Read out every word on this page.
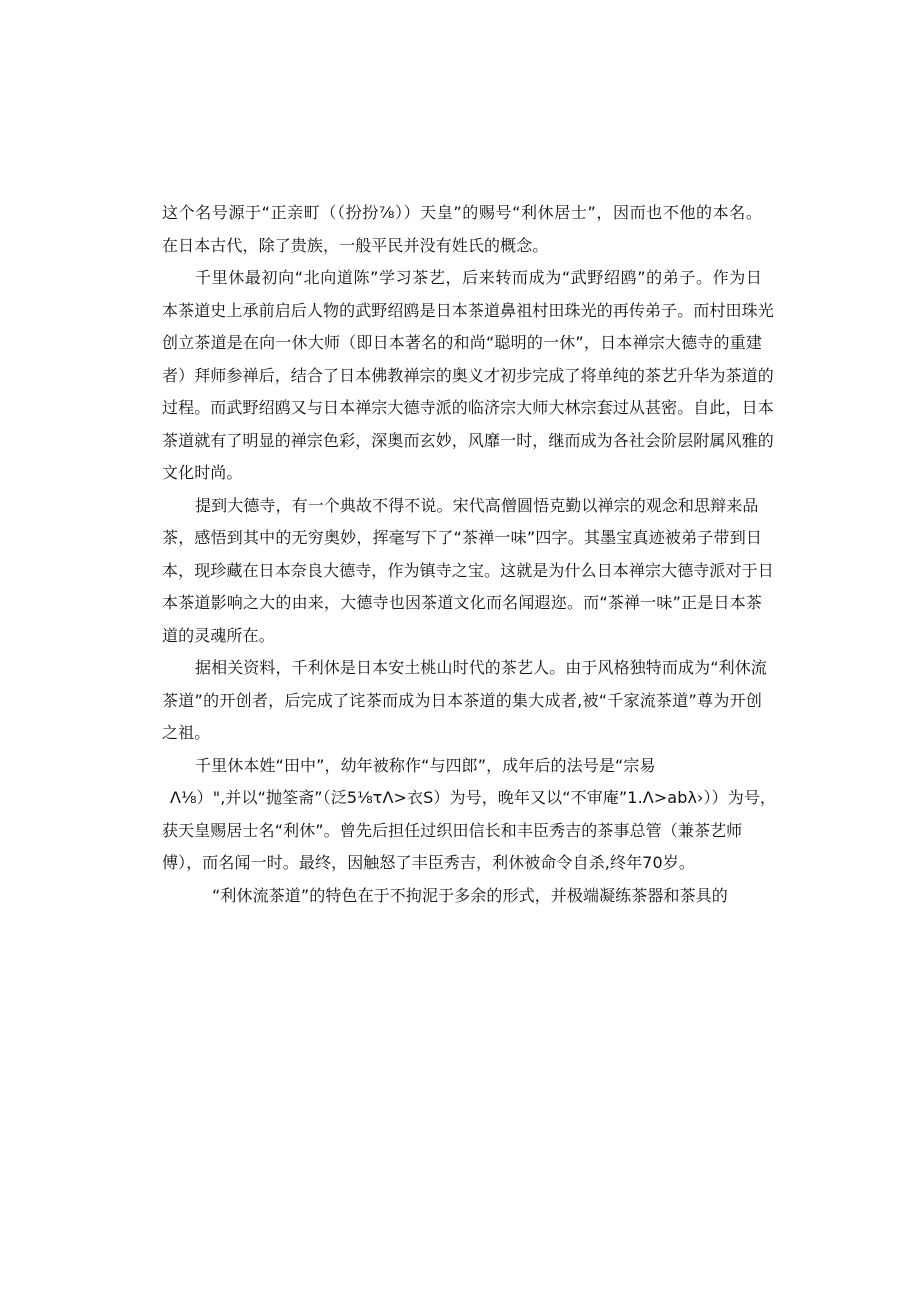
这个名号源于“正亲町（（扮扮⅞））天皇”的赐号“利休居士”，因而也不他的本名。
在日本古代，除了贵族，一般平民并没有姓氏的概念。
千里休最初向“北向道陈”学习茶艺，后来转而成为“武野绍鸥”的弟子。作为日
本茶道史上承前启后人物的武野绍鸥是日本茶道鼻祖村田珠光的再传弟子。而村田珠光
创立茶道是在向一休大师（即日本著名的和尚“聪明的一休”，日本禅宗大德寺的重建
者）拜师参禅后，结合了日本佛教禅宗的奥义才初步完成了将单纯的茶艺升华为茶道的
过程。而武野绍鸥又与日本禅宗大德寺派的临济宗大师大林宗套过从甚密。自此，日本
茶道就有了明显的禅宗色彩，深奥而玄妙，风靡一时，继而成为各社会阶层附属风雅的
文化时尚。
提到大德寺，有一个典故不得不说。宋代高僧圆悟克勤以禅宗的观念和思辩来品
茶，感悟到其中的无穷奥妙，挥毫写下了“茶禅一味”四字。其墨宝真迹被弟子带到日
本，现珍藏在日本奈良大德寺，作为镇寺之宝。这就是为什么日本禅宗大德寺派对于日
本茶道影响之大的由来，大德寺也因茶道文化而名闻遐迩。而“茶禅一味”正是日本茶
道的灵魂所在。
据相关资料，千利休是日本安土桃山时代的茶艺人。由于风格独特而成为“利休流
茶道”的开创者，后完成了诧茶而成为日本茶道的集大成者,被“千家流茶道”尊为开创
之祖。
千里休本姓“田中”，幼年被称作“与四郎”，成年后的法号是“宗易
Λ⅛）",并以“抛筌斋”（泛5⅛τΛ>衣S）为号，晚年又以“不审庵”1.Λ>abλ›））为号，
获天皇赐居士名“利休”。曾先后担任过织田信长和丰臣秀吉的茶事总管（兼茶艺师
傅），而名闻一时。最终，因触怒了丰臣秀吉，利休被命令自杀,终年70岁。
“利休流茶道”的特色在于不拘泥于多余的形式，并极端凝练茶器和茶具的
